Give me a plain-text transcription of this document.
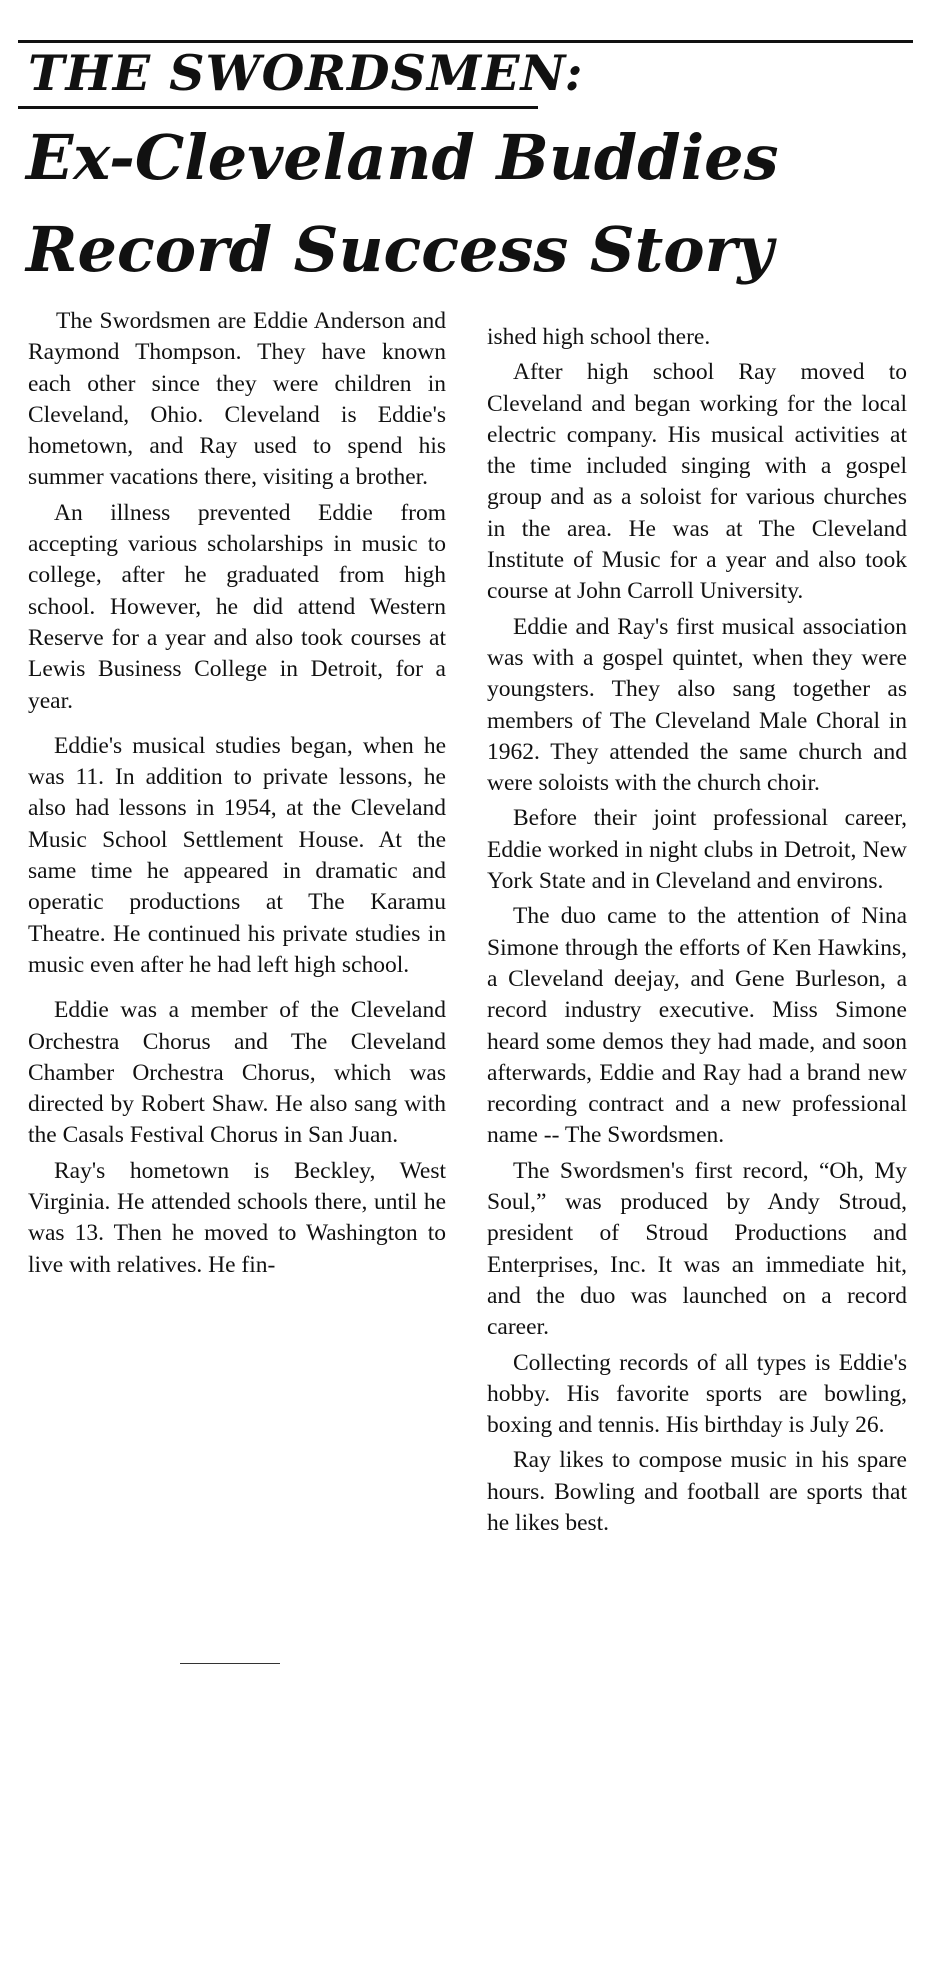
THE SWORDSMEN:
Ex-Cleveland Buddies
Record Success Story

The Swordsmen are Eddie Anderson and Raymond Thompson. They have known each other since they were children in Cleveland, Ohio. Cleveland is Eddie's hometown, and Ray used to spend his summer vacations there, visiting a brother.

An illness prevented Eddie from accepting various scholarships in music to college, after he graduated from high school. However, he did attend Western Reserve for a year and also took courses at Lewis Business College in Detroit, for a year.

Eddie's musical studies began, when he was 11. In addition to private lessons, he also had lessons in 1954, at the Cleveland Music School Settlement House. At the same time he appeared in dramatic and operatic productions at The Karamu Theatre. He continued his private studies in music even after he had left high school.

Eddie was a member of the Cleveland Orchestra Chorus and The Cleveland Chamber Orchestra Chorus, which was directed by Robert Shaw. He also sang with the Casals Festival Chorus in San Juan.

Ray's hometown is Beckley, West Virginia. He attended schools there, until he was 13. Then he moved to Washington to live with relatives. He fin-

ished high school there.

After high school Ray moved to Cleveland and began working for the local electric company. His musical activities at the time included singing with a gospel group and as a soloist for various churches in the area. He was at The Cleveland Institute of Music for a year and also took course at John Carroll University.

Eddie and Ray's first musical association was with a gospel quintet, when they were youngsters. They also sang together as members of The Cleveland Male Choral in 1962. They attended the same church and were soloists with the church choir.

Before their joint professional career, Eddie worked in night clubs in Detroit, New York State and in Cleveland and environs.

The duo came to the attention of Nina Simone through the efforts of Ken Hawkins, a Cleveland deejay, and Gene Burleson, a record industry executive. Miss Simone heard some demos they had made, and soon afterwards, Eddie and Ray had a brand new recording contract and a new professional name -- The Swordsmen.

The Swordsmen's first record, “Oh, My Soul,” was produced by Andy Stroud, president of Stroud Productions and Enterprises, Inc. It was an immediate hit, and the duo was launched on a record career.

Collecting records of all types is Eddie's hobby. His favorite sports are bowling, boxing and tennis. His birthday is July 26.

Ray likes to compose music in his spare hours. Bowling and football are sports that he likes best.
